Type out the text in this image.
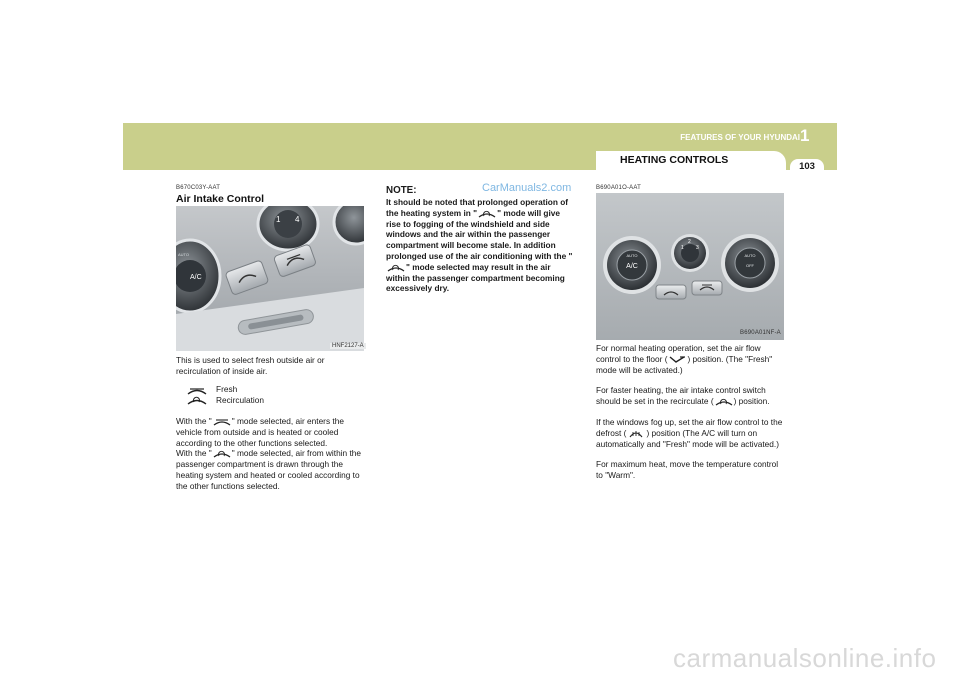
FEATURES OF YOUR HYUNDAI 1
HEATING CONTROLS
103
B670C03Y-AAT
Air Intake Control
1 4
A/C
AUTO
HNF2127-A
This is used to select fresh outside air or recirculation of inside air.
Fresh
Recirculation
With the " " mode selected, air enters the vehicle from outside and is heated or cooled according to the other functions selected.
With the " " mode selected, air from within the passenger compartment is drawn through the heating system and heated or cooled according to the other functions selected.
CarManuals2.com
NOTE:
It should be noted that prolonged operation of the heating system in " " mode will give rise to fogging of the windshield and side windows and the air within the passenger compartment will become stale. In addition prolonged use of the air conditioning with the "" mode selected may result in the air within the passenger compartment becoming excessively dry.
B690A01O-AAT
A/C
AUTO
1
2
3
AUTO
OFF
B690A01NF-A
For normal heating operation, set the air flow control to the floor ( ) position. (The "Fresh" mode will be activated.)
For faster heating, the air intake control switch should be set in the recirculate ( ) position.
If the windows fog up, set the air flow control to the defrost ( ) position (The A/C will turn on automatically and "Fresh" mode will be activated.)
For maximum heat, move the temperature control to "Warm".
carmanualsonline.info
